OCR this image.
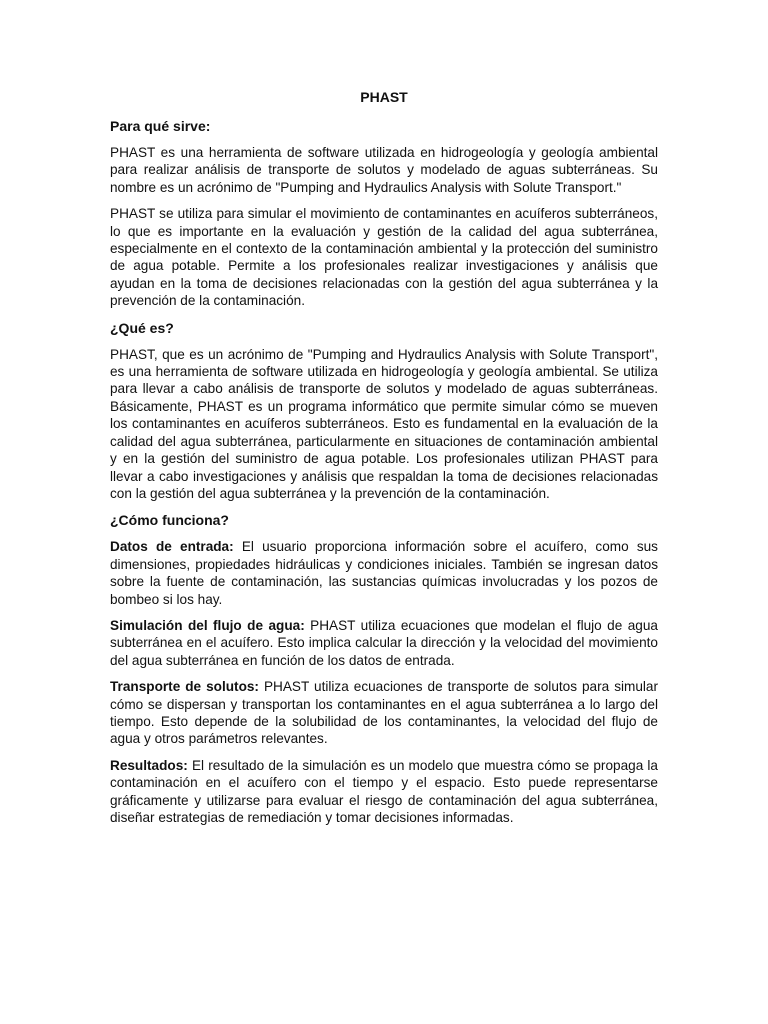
PHAST
Para qué sirve:

PHAST es una herramienta de software utilizada en hidrogeología y geología ambiental para realizar análisis de transporte de solutos y modelado de aguas subterráneas. Su nombre es un acrónimo de "Pumping and Hydraulics Analysis with Solute Transport."

PHAST se utiliza para simular el movimiento de contaminantes en acuíferos subterráneos, lo que es importante en la evaluación y gestión de la calidad del agua subterránea, especialmente en el contexto de la contaminación ambiental y la protección del suministro de agua potable. Permite a los profesionales realizar investigaciones y análisis que ayudan en la toma de decisiones relacionadas con la gestión del agua subterránea y la prevención de la contaminación.

¿Qué es?

PHAST, que es un acrónimo de "Pumping and Hydraulics Analysis with Solute Transport", es una herramienta de software utilizada en hidrogeología y geología ambiental. Se utiliza para llevar a cabo análisis de transporte de solutos y modelado de aguas subterráneas. Básicamente, PHAST es un programa informático que permite simular cómo se mueven los contaminantes en acuíferos subterráneos. Esto es fundamental en la evaluación de la calidad del agua subterránea, particularmente en situaciones de contaminación ambiental y en la gestión del suministro de agua potable. Los profesionales utilizan PHAST para llevar a cabo investigaciones y análisis que respaldan la toma de decisiones relacionadas con la gestión del agua subterránea y la prevención de la contaminación.

¿Cómo funciona?

Datos de entrada: El usuario proporciona información sobre el acuífero, como sus dimensiones, propiedades hidráulicas y condiciones iniciales. También se ingresan datos sobre la fuente de contaminación, las sustancias químicas involucradas y los pozos de bombeo si los hay.

Simulación del flujo de agua: PHAST utiliza ecuaciones que modelan el flujo de agua subterránea en el acuífero. Esto implica calcular la dirección y la velocidad del movimiento del agua subterránea en función de los datos de entrada.

Transporte de solutos: PHAST utiliza ecuaciones de transporte de solutos para simular cómo se dispersan y transportan los contaminantes en el agua subterránea a lo largo del tiempo. Esto depende de la solubilidad de los contaminantes, la velocidad del flujo de agua y otros parámetros relevantes.

Resultados: El resultado de la simulación es un modelo que muestra cómo se propaga la contaminación en el acuífero con el tiempo y el espacio. Esto puede representarse gráficamente y utilizarse para evaluar el riesgo de contaminación del agua subterránea, diseñar estrategias de remediación y tomar decisiones informadas.
